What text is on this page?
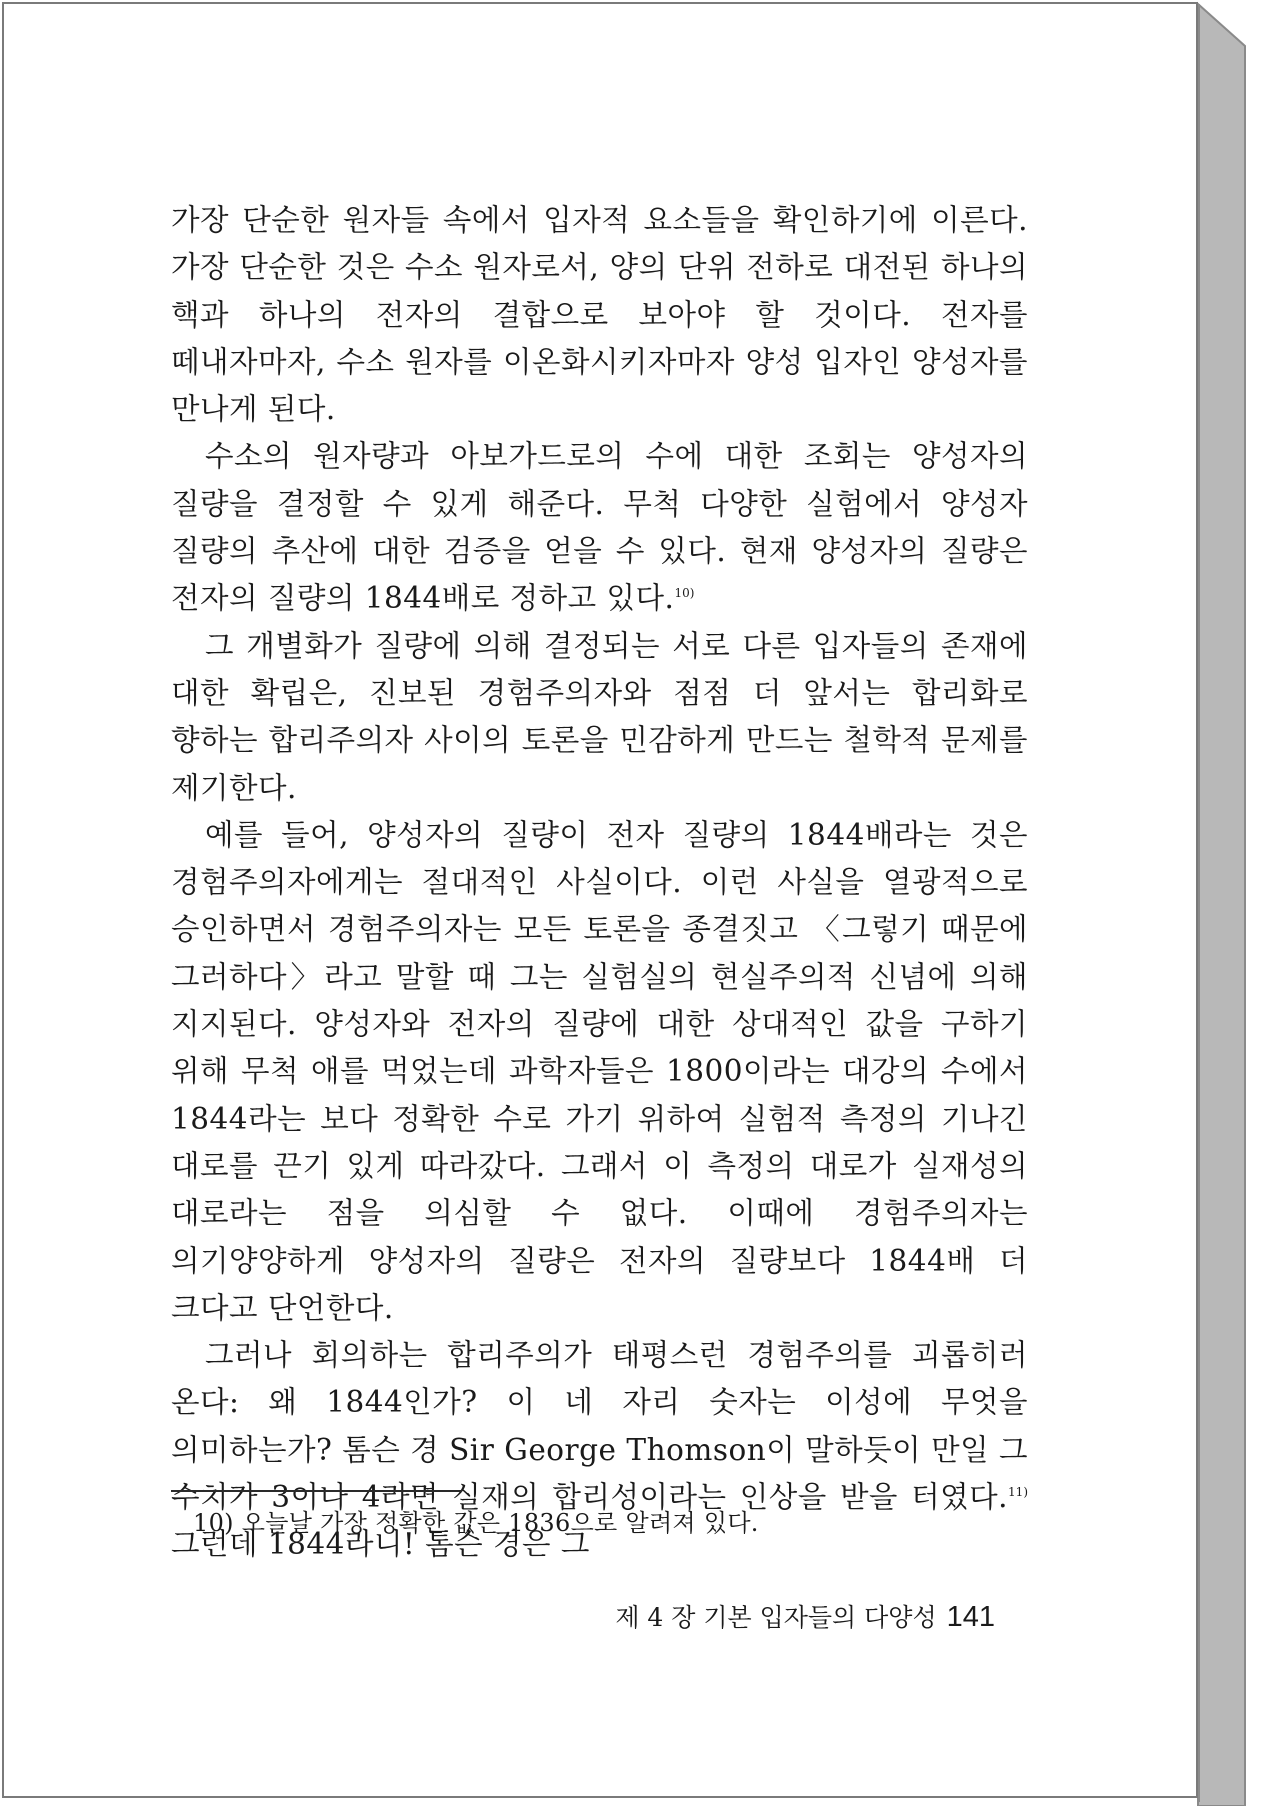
가장 단순한 원자들 속에서 입자적 요소들을 확인하기에 이른다. 가장 단순한 것은 수소 원자로서, 양의 단위 전하로 대전된 하나의 핵과 하나의 전자의 결합으로 보아야 할 것이다. 전자를 떼내자마자, 수소 원자를 이온화시키자마자 양성 입자인 양성자를 만나게 된다.

수소의 원자량과 아보가드로의 수에 대한 조회는 양성자의 질량을 결정할 수 있게 해준다. 무척 다양한 실험에서 양성자 질량의 추산에 대한 검증을 얻을 수 있다. 현재 양성자의 질량은 전자의 질량의 1844배로 정하고 있다.$^{10)}$

그 개별화가 질량에 의해 결정되는 서로 다른 입자들의 존재에 대한 확립은, 진보된 경험주의자와 점점 더 앞서는 합리화로 향하는 합리주의자 사이의 토론을 민감하게 만드는 철학적 문제를 제기한다.

예를 들어, 양성자의 질량이 전자 질량의 1844배라는 것은 경험주의자에게는 절대적인 사실이다. 이런 사실을 열광적으로 승인하면서 경험주의자는 모든 토론을 종결짓고 〈그렇기 때문에 그러하다〉라고 말할 때 그는 실험실의 현실주의적 신념에 의해 지지된다. 양성자와 전자의 질량에 대한 상대적인 값을 구하기 위해 무척 애를 먹었는데 과학자들은 1800이라는 대강의 수에서 1844라는 보다 정확한 수로 가기 위하여 실험적 측정의 기나긴 대로를 끈기 있게 따라갔다. 그래서 이 측정의 대로가 실재성의 대로라는 점을 의심할 수 없다. 이때에 경험주의자는 의기양양하게 양성자의 질량은 전자의 질량보다 1844배 더 크다고 단언한다.

그러나 회의하는 합리주의가 태평스런 경험주의를 괴롭히러 온다: 왜 1844인가? 이 네 자리 숫자는 이성에 무엇을 의미하는가? 톰슨 경 Sir George Thomson이 말하듯이 만일 그 수치가 3이나 4라면 실재의 합리성이라는 인상을 받을 터였다.$^{11)}$ 그런데 1844라니! 톰슨 경은 그

10) 오늘날 가장 정확한 값은 1836으로 알려져 있다.
제 4 장 기본 입자들의 다양성 141
